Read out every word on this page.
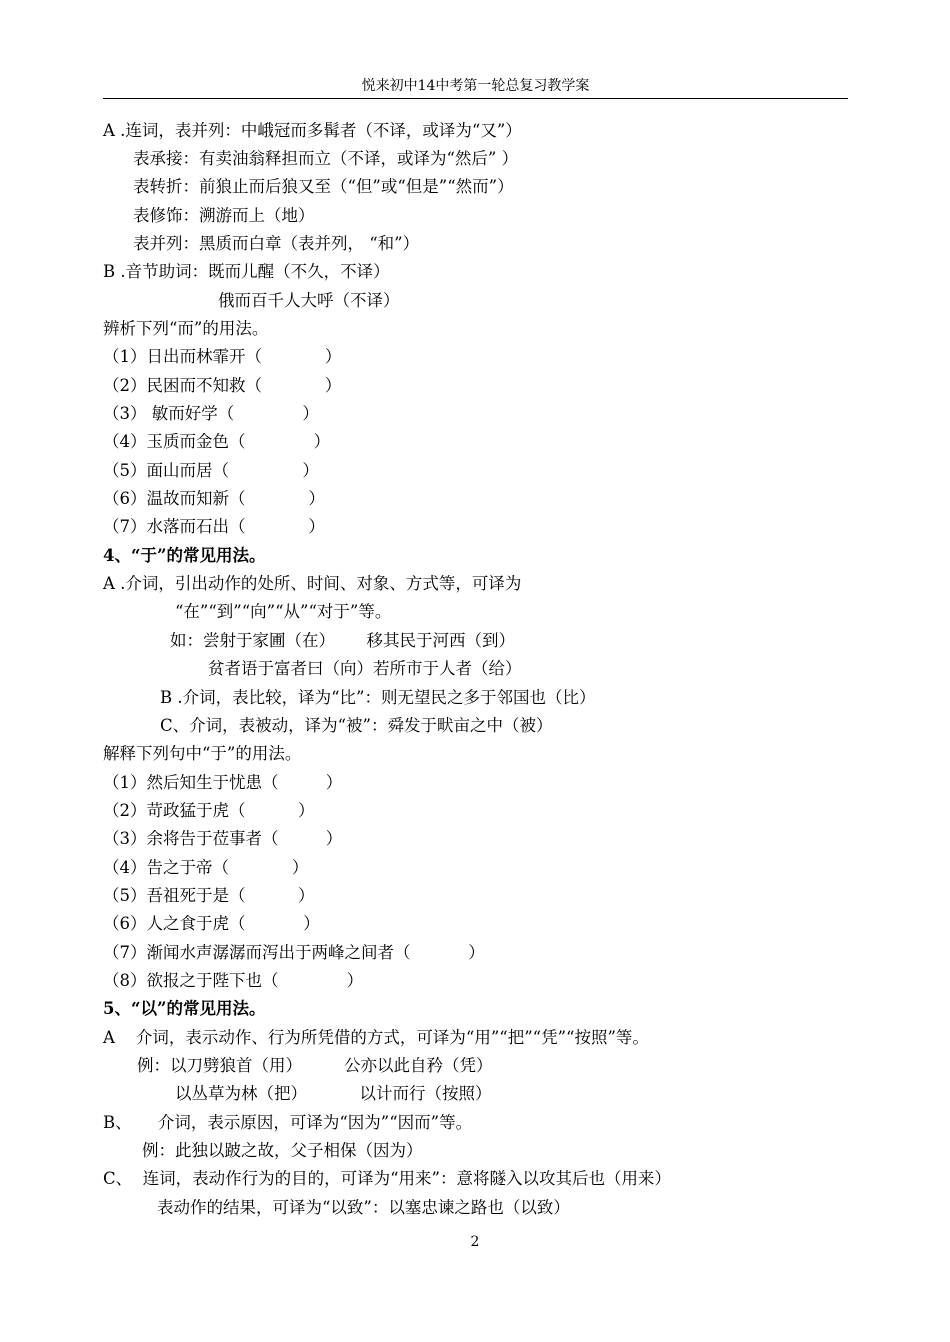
悦来初中14中考第一轮总复习教学案
A .连词，表并列：中峨冠而多髯者（不译，或译为“又”）
表承接：有卖油翁释担而立（不译，或译为“然后” ）
表转折：前狼止而后狼又至（“但”或“但是”“然而”）
表修饰：溯游而上（地）
表并列：黑质而白章（表并列， “和”）
B .音节助词：既而儿醒（不久，不译）
俄而百千人大呼（不译）
辨析下列“而”的用法。
（1）日出而林霏开（            ）
（2）民困而不知救（            ）
（3） 敏而好学（             ）
（4）玉质而金色（             ）
（5）面山而居（              ）
（6）温故而知新（            ）
（7）水落而石出（            ）
4、“于”的常见用法。
A .介词，引出动作的处所、时间、对象、方式等，可译为
“在”“到”“向”“从”“对于”等。
如：尝射于家圃（在）      移其民于河西（到）
贫者语于富者曰（向）若所市于人者（给）
B .介词，表比较，译为“比”：则无望民之多于邻国也（比）
C、介词，表被动，译为“被”：舜发于畎亩之中（被）
解释下列句中“于”的用法。
（1）然后知生于忧患（         ）
（2）苛政猛于虎（          ）
（3）余将告于莅事者（         ）
（4）告之于帝（            ）
（5）吾祖死于是（          ）
（6）人之食于虎（           ）
（7）渐闻水声潺潺而泻出于两峰之间者（           ）
（8）欲报之于陛下也（             ）
5、“以”的常见用法。
A    介词，表示动作、行为所凭借的方式，可译为“用”“把”“凭”“按照”等。
例：以刀劈狼首（用）        公亦以此自矜（凭）
以丛草为林（把）          以计而行（按照）
B、     介词，表示原因，可译为“因为”“因而”等。
例：此独以跛之故，父子相保（因为）
C、  连词，表动作行为的目的，可译为“用来”：意将隧入以攻其后也（用来）
表动作的结果，可译为“以致”：以塞忠谏之路也（以致）
2
